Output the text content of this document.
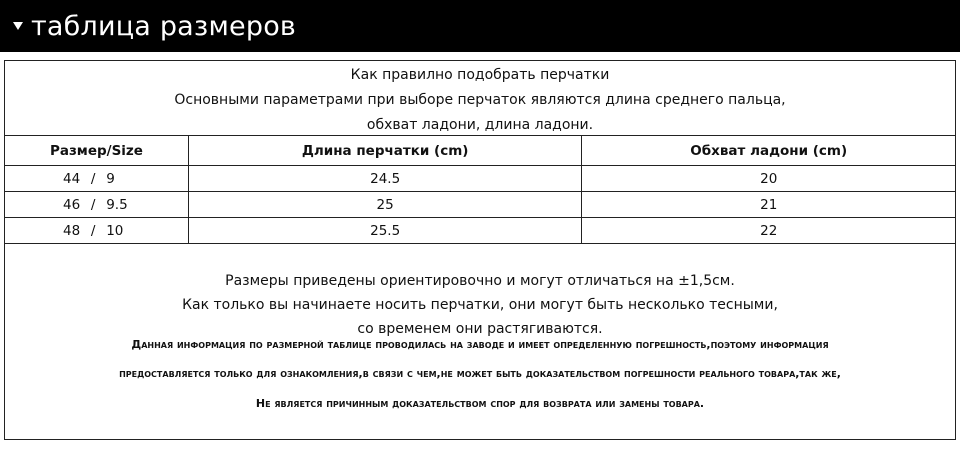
таблица размеров
Как правилно подобрать перчатки
Основными параметрами при выборе перчаток являются длина среднего пальца,
обхват ладони, длина ладони.
Размер/Size	Длина перчатки (cm)	Обхват ладони (cm)
44 / 9	24.5	20
46 / 9.5	25	21
48 / 10	25.5	22
Размеры приведены ориентировочно и могут отличаться на ±1,5см.
Как только вы начинаете носить перчатки, они могут быть несколько тесными,
со временем они растягиваются.
Данная информация по размерной таблице проводилась на заводе и имеет определенную погрешность,поэтому информация
предоставляется только для ознакомления,в связи с чем,не может быть доказательством погрешности реального товара,так же,
Не является причинным доказательством спор для возврата или замены товара.
